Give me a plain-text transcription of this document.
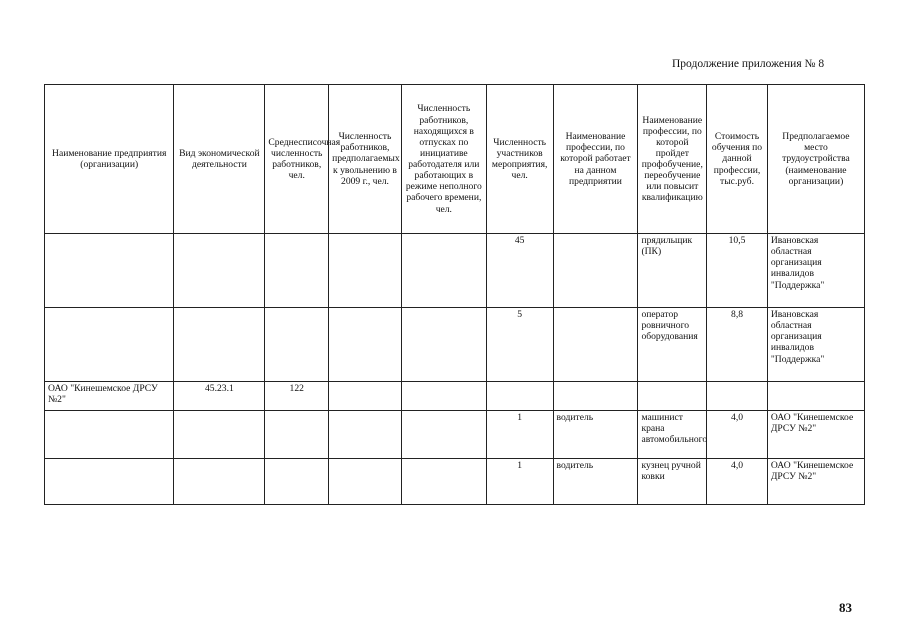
Продолжение приложения № 8
Наименование предприятия (организации)	Вид экономической деятельности	Среднесписочная численность работников, чел.	Численность работников, предполагаемых к увольнению в 2009 г., чел.	Численность работников, находящихся в отпусках по инициативе работодателя или работающих в режиме неполного рабочего времени, чел.	Численность участников мероприятия, чел.	Наименование профессии, по которой работает на данном предприятии	Наименование профессии, по которой пройдет профобучение, переобучение или повысит квалификацию	Стоимость обучения по данной профессии, тыс.руб.	Предполагаемое место трудоустройства (наименование организации)
					45		прядильщик (ПК)	10,5	Ивановская областная организация инвалидов "Поддержка"
					5		оператор ровничного оборудования	8,8	Ивановская областная организация инвалидов "Поддержка"
ОАО "Кинешемское ДРСУ №2"	45.23.1	122							
					1	водитель	машинист крана автомобильного	4,0	ОАО "Кинешемское ДРСУ №2"
					1	водитель	кузнец ручной ковки	4,0	ОАО "Кинешемское ДРСУ №2"
83
